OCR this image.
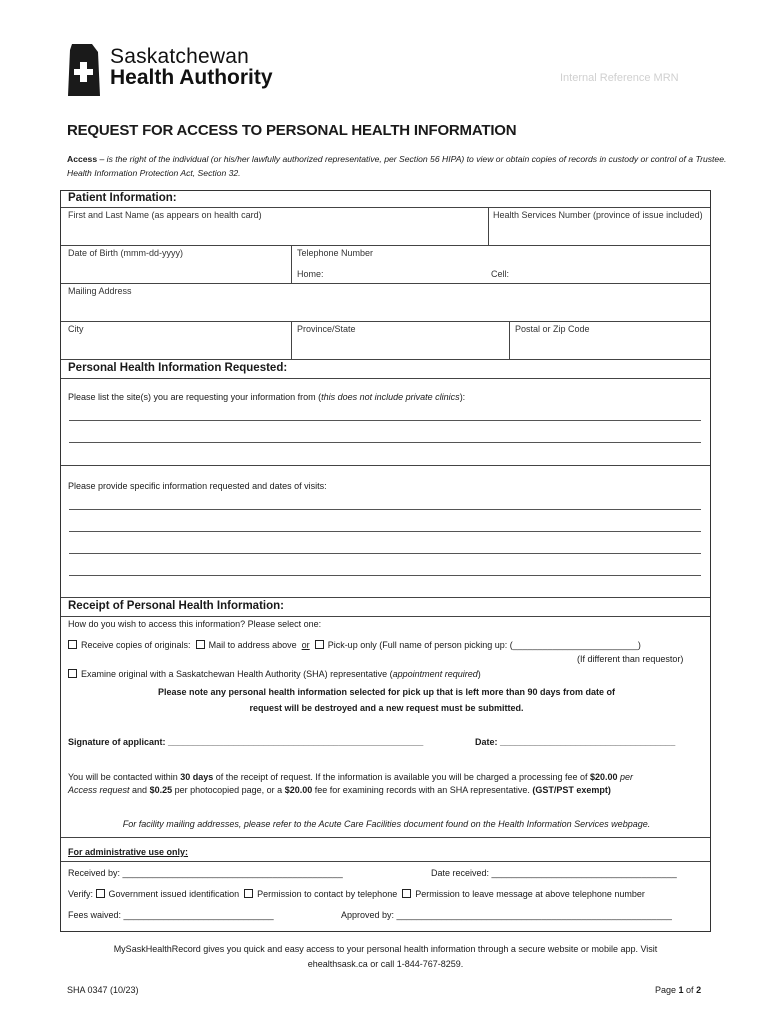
Saskatchewan
Health Authority	Internal Reference MRN
REQUEST FOR ACCESS TO PERSONAL HEALTH INFORMATION
Access – is the right of the individual (or his/her lawfully authorized representative, per Section 56 HIPA) to view or obtain copies of records in custody or control of a Trustee. Health Information Protection Act, Section 32.
Patient Information:
First and Last Name (as appears on health card)	Health Services Number (province of issue included)
Date of Birth (mmm-dd-yyyy)	Telephone Number
Home:	Cell:
Mailing Address
City	Province/State	Postal or Zip Code
Personal Health Information Requested:
Please list the site(s) you are requesting your information from (this does not include private clinics):
Please provide specific information requested and dates of visits:
Receipt of Personal Health Information:
How do you wish to access this information? Please select one:
Receive copies of originals: Mail to address above or Pick-up only (Full name of person picking up: (_________________________)
(If different than requestor)
Examine original with a Saskatchewan Health Authority (SHA) representative (appointment required)
Please note any personal health information selected for pick up that is left more than 90 days from date of
request will be destroyed and a new request must be submitted.
Signature of applicant: ___________________________________________________	Date: ___________________________________
You will be contacted within 30 days of the receipt of request. If the information is available you will be charged a processing fee of $20.00 per
Access request and $0.25 per photocopied page, or a $20.00 fee for examining records with an SHA representative. (GST/PST exempt)
For facility mailing addresses, please refer to the Acute Care Facilities document found on the Health Information Services webpage.
For administrative use only:
Received by: ____________________________________________	Date received: _____________________________________
Verify: Government issued identification Permission to contact by telephone Permission to leave message at above telephone number
Fees waived: ______________________________	Approved by: _______________________________________________________
MySaskHealthRecord gives you quick and easy access to your personal health information through a secure website or mobile app. Visit
ehealthsask.ca or call 1-844-767-8259.
SHA 0347 (10/23)	Page 1 of 2
